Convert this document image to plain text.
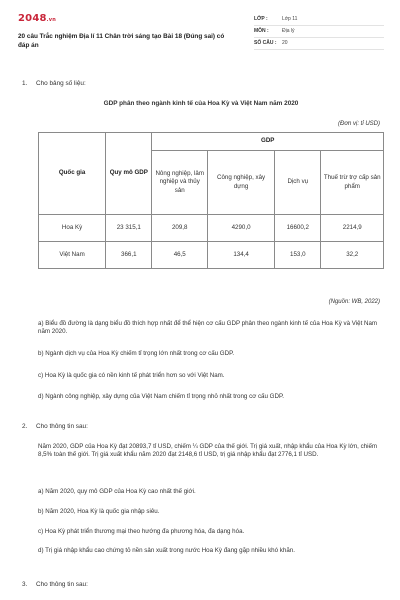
2048.vn
20 câu Trắc nghiệm Địa lí 11 Chân trời sáng tạo Bài 18 (Đúng sai) có đáp án
LỚP :	Lớp 11
MÔN :	Địa lý
SỐ CÂU :	20
1. Cho bảng số liệu:
GDP phân theo ngành kinh tế của Hoa Kỳ và Việt Nam năm 2020
(Đơn vị: tỉ USD)
Quốc gia	Quy mô GDP	GDP			
		Nông nghiệp, lâm nghiệp và thủy sản	Công nghiệp, xây dựng	Dịch vụ	Thuế trừ trợ cấp sản phẩm
Hoa Kỳ	23 315,1	209,8	4290,0	16600,2	2214,9
Việt Nam	366,1	46,5	134,4	153,0	32,2
(Nguồn: WB, 2022)
a) Biểu đồ đường là dạng biểu đồ thích hợp nhất để thể hiện cơ cấu GDP phân theo ngành kinh tế của Hoa Kỳ và Việt Nam năm 2020.
b) Ngành dịch vụ của Hoa Kỳ chiếm tỉ trọng lớn nhất trong cơ cấu GDP.
c) Hoa Kỳ là quốc gia có nền kinh tế phát triển hơn so với Việt Nam.
d) Ngành công nghiệp, xây dựng của Việt Nam chiếm tỉ trọng nhỏ nhất trong cơ cấu GDP.
2. Cho thông tin sau:
Năm 2020, GDP của Hoa Kỳ đạt 20893,7 tỉ USD, chiếm ¼ GDP của thế giới. Trị giá xuất, nhập khẩu của Hoa Kỳ lớn, chiếm 8,5% toàn thế giới. Trị giá xuất khẩu năm 2020 đạt 2148,6 tỉ USD, trị giá nhập khẩu đạt 2776,1 tỉ USD.
a) Năm 2020, quy mô GDP của Hoa Kỳ cao nhất thế giới.
b) Năm 2020, Hoa Kỳ là quốc gia nhập siêu.
c) Hoa Kỳ phát triển thương mại theo hướng đa phương hóa, đa dạng hóa.
d) Trị giá nhập khẩu cao chứng tỏ nền sản xuất trong nước Hoa Kỳ đang gặp nhiều khó khăn.
3. Cho thông tin sau:
